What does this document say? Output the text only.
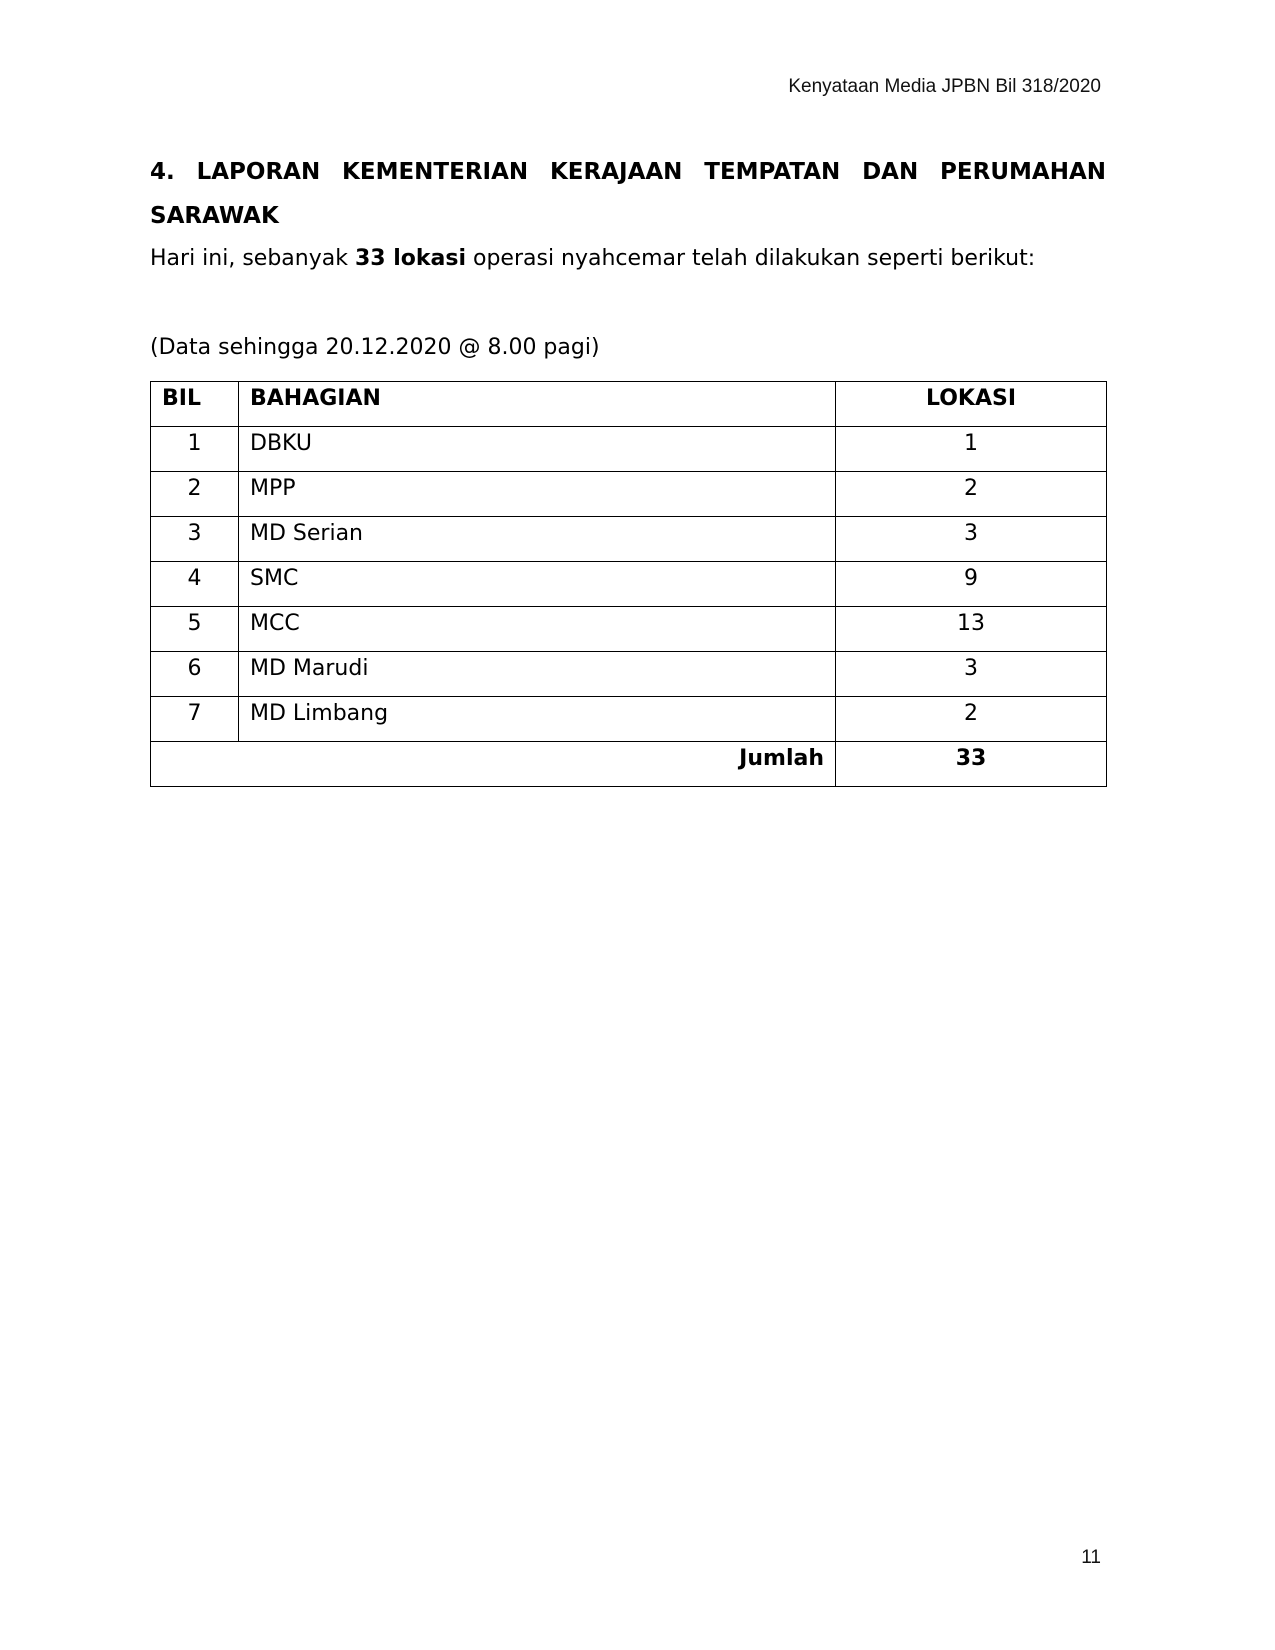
Kenyataan Media JPBN Bil 318/2020
4. LAPORAN KEMENTERIAN KERAJAAN TEMPATAN DAN PERUMAHAN SARAWAK

Hari ini, sebanyak 33 lokasi operasi nyahcemar telah dilakukan seperti berikut:

(Data sehingga 20.12.2020 @ 8.00 pagi)

BIL	BAHAGIAN	LOKASI
1	DBKU	1
2	MPP	2
3	MD Serian	3
4	SMC	9
5	MCC	13
6	MD Marudi	3
7	MD Limbang	2
Jumlah		33
11
